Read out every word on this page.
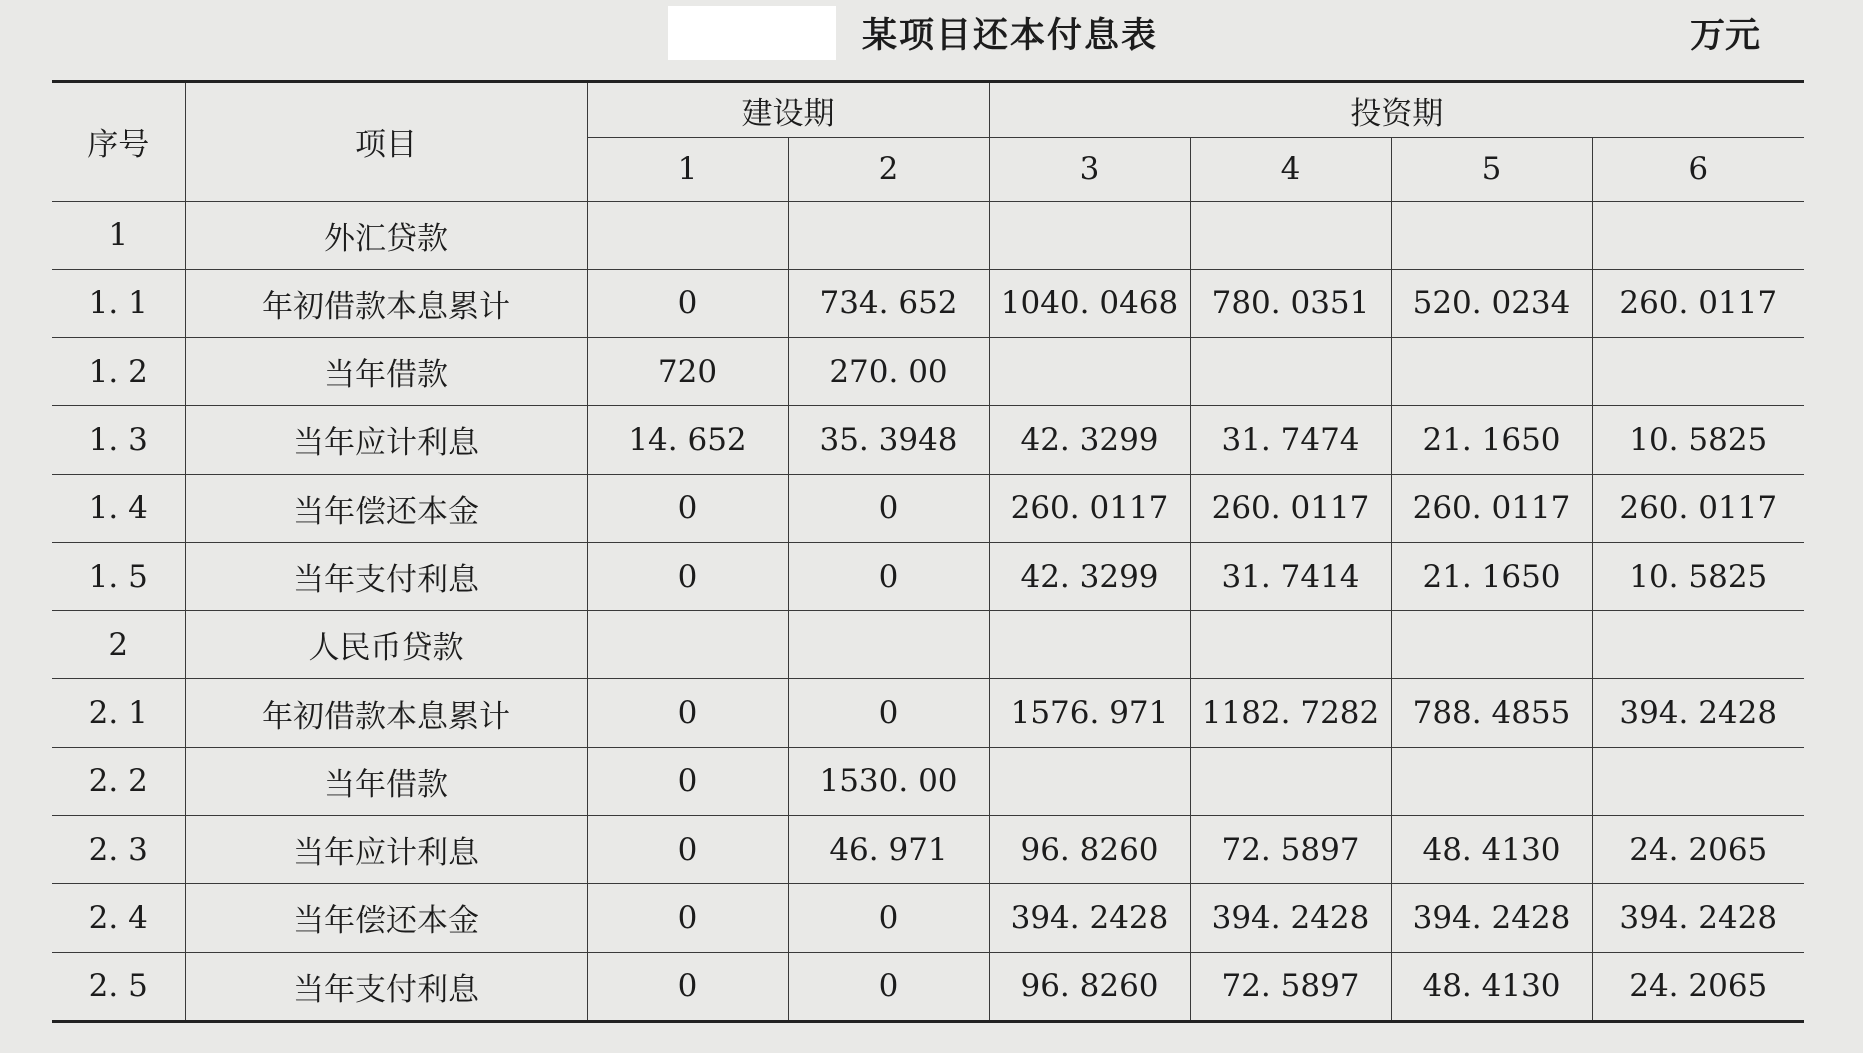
某项目还本付息表	万元
序号	项目	建设期		投资期			
		1	2	3	4	5	6
1	外汇贷款						
1. 1	年初借款本息累计	0	734. 652	1040. 0468	780. 0351	520. 0234	260. 0117
1. 2	当年借款	720	270. 00				
1. 3	当年应计利息	14. 652	35. 3948	42. 3299	31. 7474	21. 1650	10. 5825
1. 4	当年偿还本金	0	0	260. 0117	260. 0117	260. 0117	260. 0117
1. 5	当年支付利息	0	0	42. 3299	31. 7414	21. 1650	10. 5825
2	人民币贷款						
2. 1	年初借款本息累计	0	0	1576. 971	1182. 7282	788. 4855	394. 2428
2. 2	当年借款	0	1530. 00				
2. 3	当年应计利息	0	46. 971	96. 8260	72. 5897	48. 4130	24. 2065
2. 4	当年偿还本金	0	0	394. 2428	394. 2428	394. 2428	394. 2428
2. 5	当年支付利息	0	0	96. 8260	72. 5897	48. 4130	24. 2065
